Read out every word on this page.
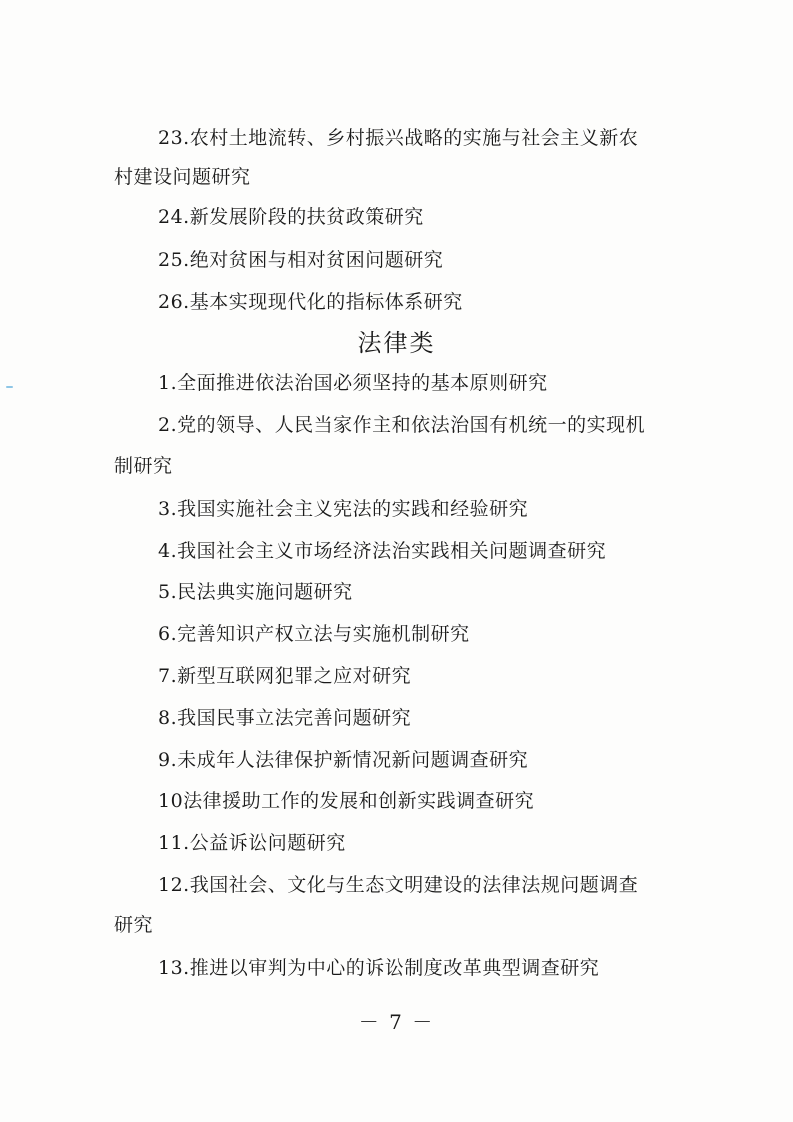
23.农村土地流转、乡村振兴战略的实施与社会主义新农
村建设问题研究
24.新发展阶段的扶贫政策研究
25.绝对贫困与相对贫困问题研究
26.基本实现现代化的指标体系研究
法律类
1.全面推进依法治国必须坚持的基本原则研究
2.党的领导、人民当家作主和依法治国有机统一的实现机
制研究
3.我国实施社会主义宪法的实践和经验研究
4.我国社会主义市场经济法治实践相关问题调查研究
5.民法典实施问题研究
6.完善知识产权立法与实施机制研究
7.新型互联网犯罪之应对研究
8.我国民事立法完善问题研究
9.未成年人法律保护新情况新问题调查研究
10法律援助工作的发展和创新实践调查研究
11.公益诉讼问题研究
12.我国社会、文化与生态文明建设的法律法规问题调查
研究
13.推进以审判为中心的诉讼制度改革典型调查研究
－ 7 －
